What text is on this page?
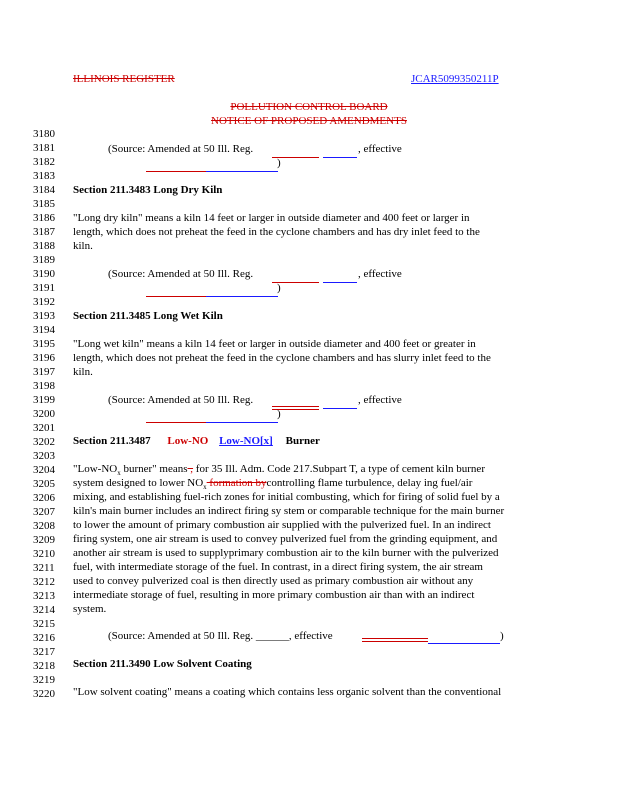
ILLINOIS REGISTER	JCAR5099350211P
POLLUTION CONTROL BOARD
NOTICE OF PROPOSED AMENDMENTS
3180
3181
3182
3183
3184
3185
3186
3187
3188
3189
3190
3191
3192
3193
3194
3195
3196
3197
3198
3199
3200
3201
3202
3203
3204
3205
3206
3207
3208
3209
3210
3211
3212
3213
3214
3215
3216
3217
3218
3219
3220
(Source: Amended at 50 Ill. Reg.	, effective
)
Section 211.3483 Long Dry Kiln
"Long dry kiln" means a kiln 14 feet or larger in outside diameter and 400 feet or larger in
length, which does not preheat the feed in the cyclone chambers and has dry inlet feed to the
kiln.
(Source: Amended at 50 Ill. Reg.	, effective
)
Section 211.3485 Long Wet Kiln
"Long wet kiln" means a kiln 14 feet or larger in outside diameter and 400 feet or greater in
length, which does not preheat the feed in the cyclone chambers and has slurry inlet feed to the
kiln.
(Source: Amended at 50 Ill. Reg.	, effective
)
Section 211.3487 Low-NO Low-NO[x] Burner
"$Low-NO_x$ burner" means , for 35 Ill. Adm. Code 217.Subpart T, a type of cement kiln burner
system designed to lower $NO_x$ formation bycontrolling flame turbulence, delay ing fuel/air
mixing, and establishing fuel-rich zones for initial combusting, which for firing of solid fuel by a
kiln's main burner includes an indirect firing sy stem or comparable technique for the main burner
to lower the amount of primary combustion air supplied with the pulverized fuel. In an indirect
firing system, one air stream is used to convey pulverized fuel from the grinding equipment, and
another air stream is used to supplyprimary combustion air to the kiln burner with the pulverized
fuel, with intermediate storage of the fuel. In contrast, in a direct firing system, the air stream
used to convey pulverized coal is then directly used as primary combustion air without any
intermediate storage of fuel, resulting in more primary combustion air than with an indirect
system.
(Source: Amended at 50 Ill. Reg. ______, effective	)
Section 211.3490 Low Solvent Coating
"Low solvent coating" means a coating which contains less organic solvent than the conventional
